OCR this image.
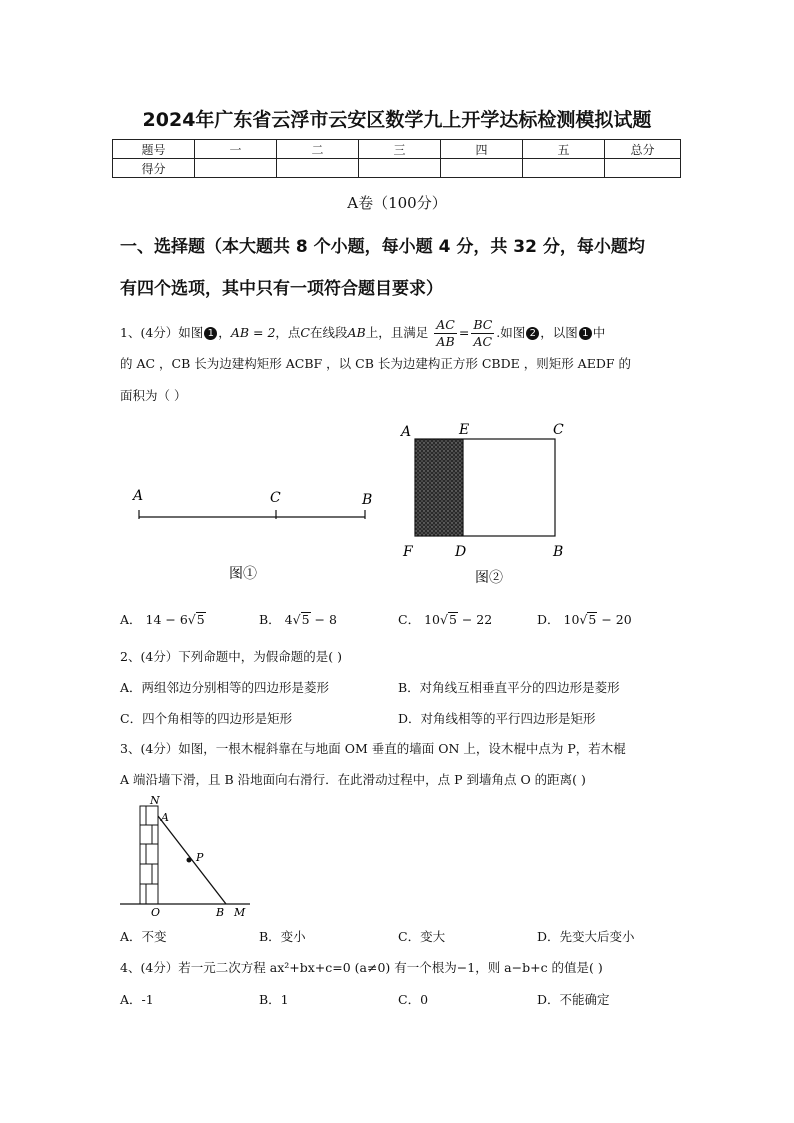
2024年广东省云浮市云安区数学九上开学达标检测模拟试题
题号	一	二	三	四	五	总分
得分						
A卷（100分）
一、选择题（本大题共 8 个小题，每小题 4 分，共 32 分，每小题均
有四个选项，其中只有一项符合题目要求）
1、(4分）如图 1 ，AB = 2，点C在线段AB上，且满足 $\frac{AC}{AB} = \frac{BC}{AC}$ .如图 2 ，以图 1 中
的 AC ，CB 长为边建构矩形 ACBF ，以 CB 长为边建构正方形 CBDE ，则矩形 AEDF 的
面积为（ ）
A	C	B
图①
A	E	C
F	D	B
图②
A． 14 − 6√5	B． 4√5 − 8	C． 10√5 − 22	D． 10√5 − 20
2、(4分）下列命题中，为假命题的是( )
A．两组邻边分别相等的四边形是菱形	B．对角线互相垂直平分的四边形是菱形
C．四个角相等的四边形是矩形	D．对角线相等的平行四边形是矩形
3、(4分）如图，一根木棍斜靠在与地面 OM 垂直的墙面 ON 上，设木棍中点为 P，若木棍
A 端沿墙下滑，且 B 沿地面向右滑行．在此滑动过程中，点 P 到墙角点 O 的距离( )
N
A
P
O	B M
A．不变	B．变小	C．变大	D．先变大后变小
4、(4分）若一元二次方程 ax²+bx+c=0 (a≠0) 有一个根为−1，则 a−b+c 的值是( )
A．-1	B．1	C．0	D．不能确定
